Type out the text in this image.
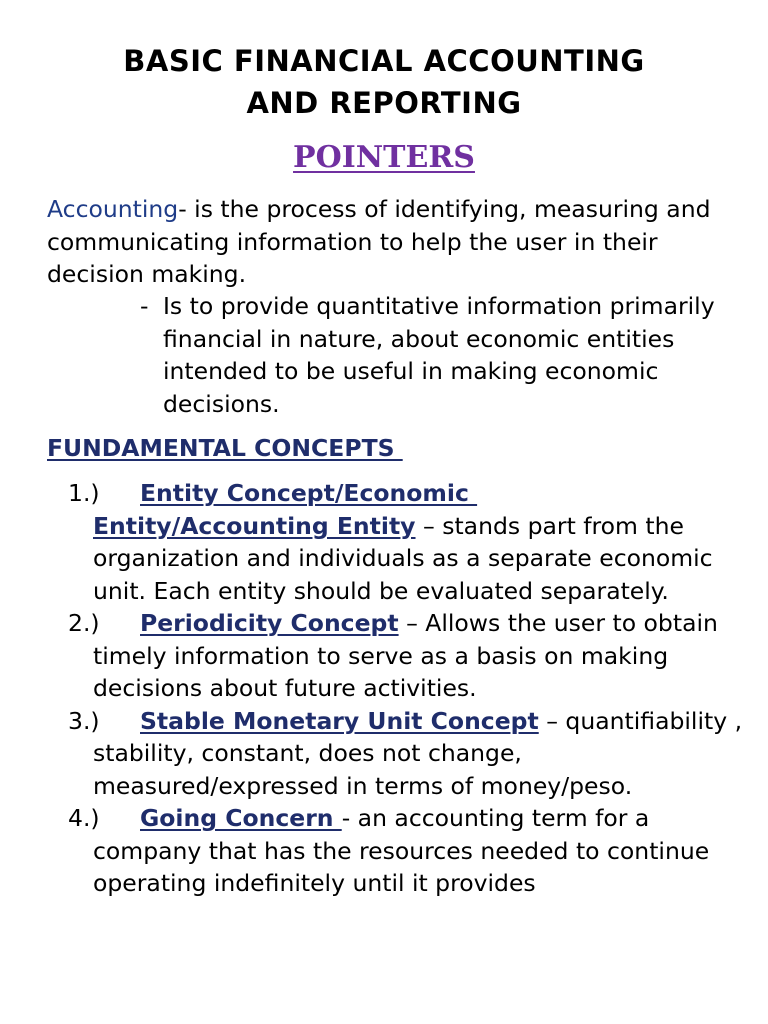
BASIC FINANCIAL ACCOUNTING
AND REPORTING
POINTERS

Accounting- is the process of identifying, measuring and communicating information to help the user in their decision making.

- Is to provide quantitative information primarily financial in nature, about economic entities intended to be useful in making economic decisions.

FUNDAMENTAL CONCEPTS
1.) Entity Concept/Economic
Entity/Accounting Entity – stands part from the organization and individuals as a separate economic unit. Each entity should be evaluated separately.
2.) Periodicity Concept – Allows the user to obtain timely information to serve as a basis on making decisions about future activities.
3.) Stable Monetary Unit Concept – quantifiability , stability, constant, does not change, measured/expressed in terms of money/peso.
4.) Going Concern - an accounting term for a company that has the resources needed to continue operating indefinitely until it provides
